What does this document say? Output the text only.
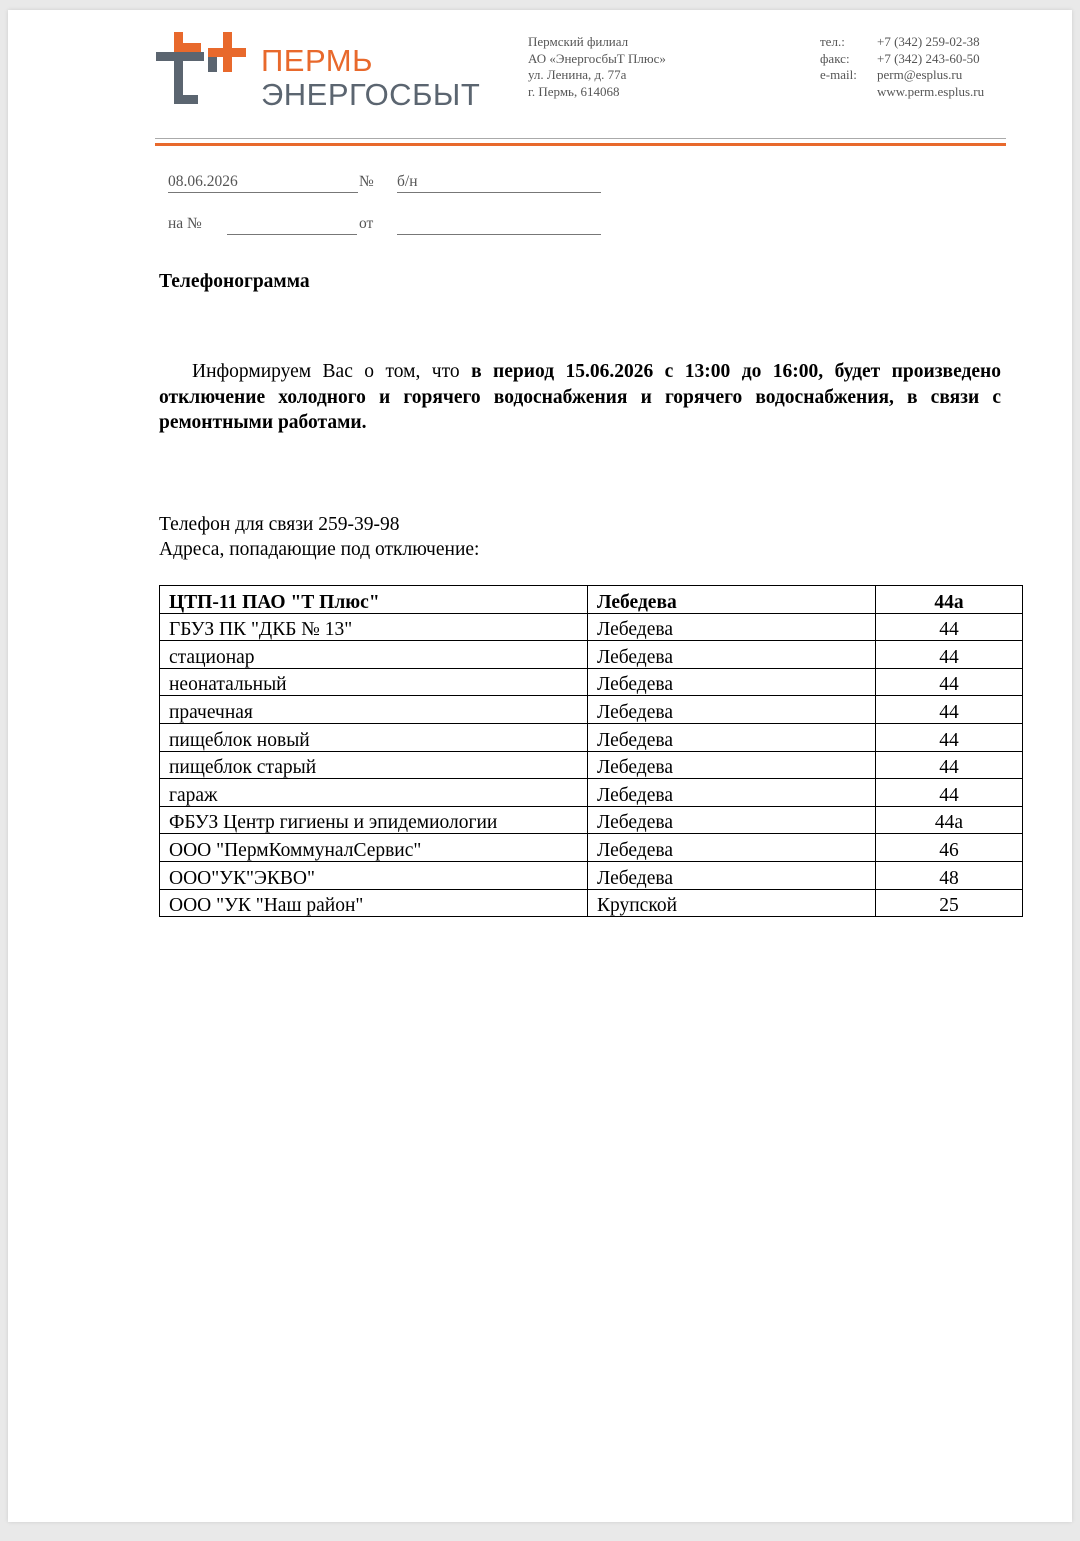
ПЕРМЬ
ЭНЕРГОСБЫТ
Пермский филиал
АО «ЭнергосбыТ Плюс»
ул. Ленина, д. 77а
г. Пермь, 614068
тел.:	+7 (342) 259-02-38
факс:	+7 (342) 243-60-50
e-mail:	perm@esplus.ru
www.perm.esplus.ru
08.06.2026	№ б/н
на №	от
Телефонограмма
Информируем Вас о том, что в период 15.06.2026 с 13:00 до 16:00, будет произведено отключение холодного и горячего водоснабжения и горячего водоснабжения, в связи с ремонтными работами.
Телефон для связи 259-39-98
Адреса, попадающие под отключение:
ЦТП-11 ПАО "Т Плюс"	Лебедева	44а
ГБУЗ ПК "ДКБ № 13"	Лебедева	44
стационар	Лебедева	44
неонатальный	Лебедева	44
прачечная	Лебедева	44
пищеблок новый	Лебедева	44
пищеблок старый	Лебедева	44
гараж	Лебедева	44
ФБУЗ Центр гигиены и эпидемиологии	Лебедева	44а
ООО "ПермКоммуналСервис"	Лебедева	46
ООО"УК"ЭКВО"	Лебедева	48
ООО "УК "Наш район"	Крупской	25
